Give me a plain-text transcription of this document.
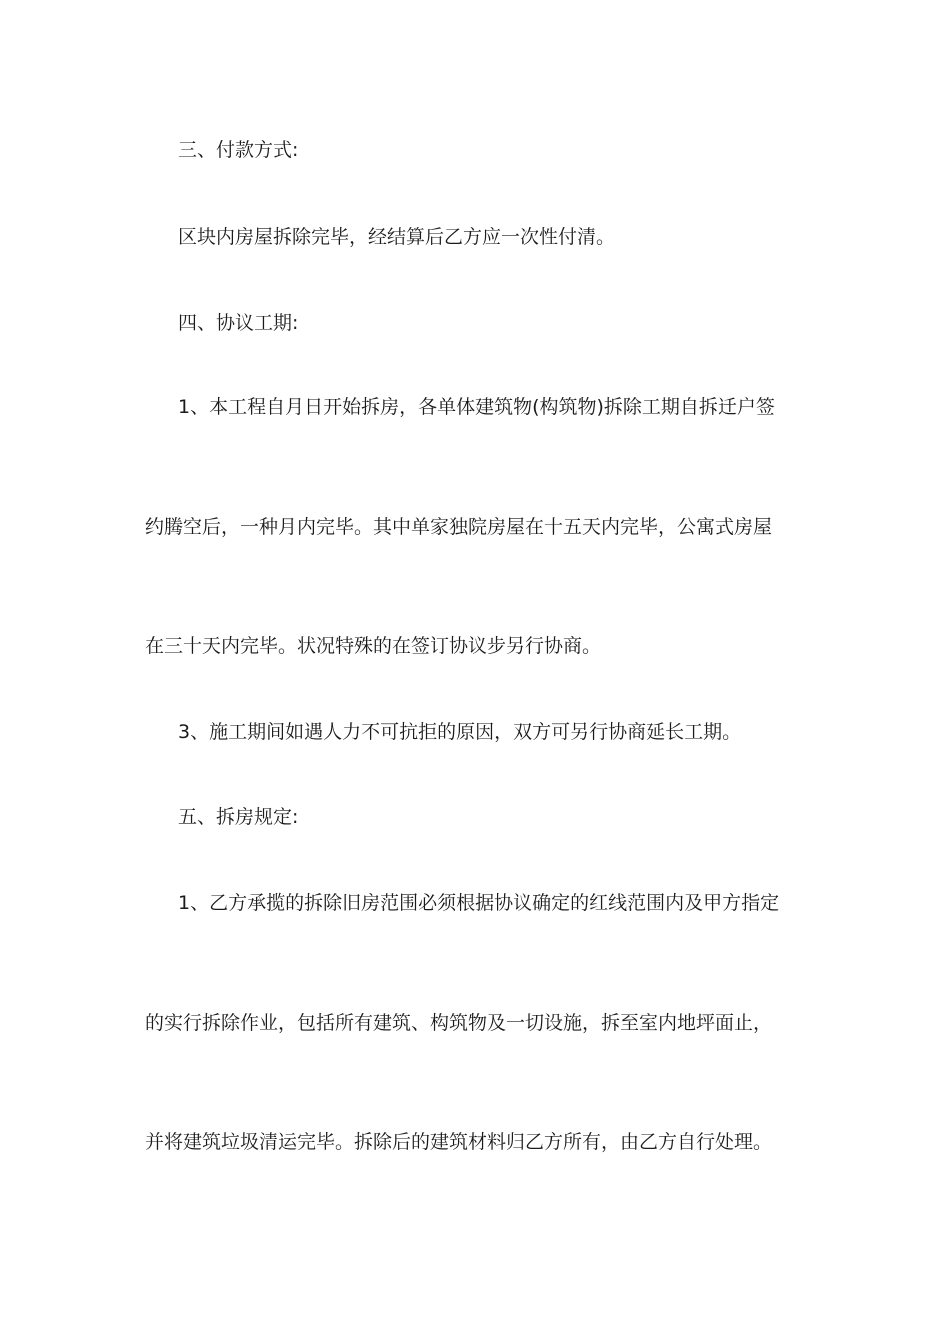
三、付款方式:

区块内房屋拆除完毕，经结算后乙方应一次性付清。

四、协议工期:

1、本工程自月日开始拆房，各单体建筑物(构筑物)拆除工期自拆迁户签

约腾空后，一种月内完毕。其中单家独院房屋在十五天内完毕，公寓式房屋

在三十天内完毕。状况特殊的在签订协议步另行协商。

3、施工期间如遇人力不可抗拒的原因，双方可另行协商延长工期。

五、拆房规定:

1、乙方承揽的拆除旧房范围必须根据协议确定的红线范围内及甲方指定

的实行拆除作业，包括所有建筑、构筑物及一切设施，拆至室内地坪面止，

并将建筑垃圾清运完毕。拆除后的建筑材料归乙方所有，由乙方自行处理。
